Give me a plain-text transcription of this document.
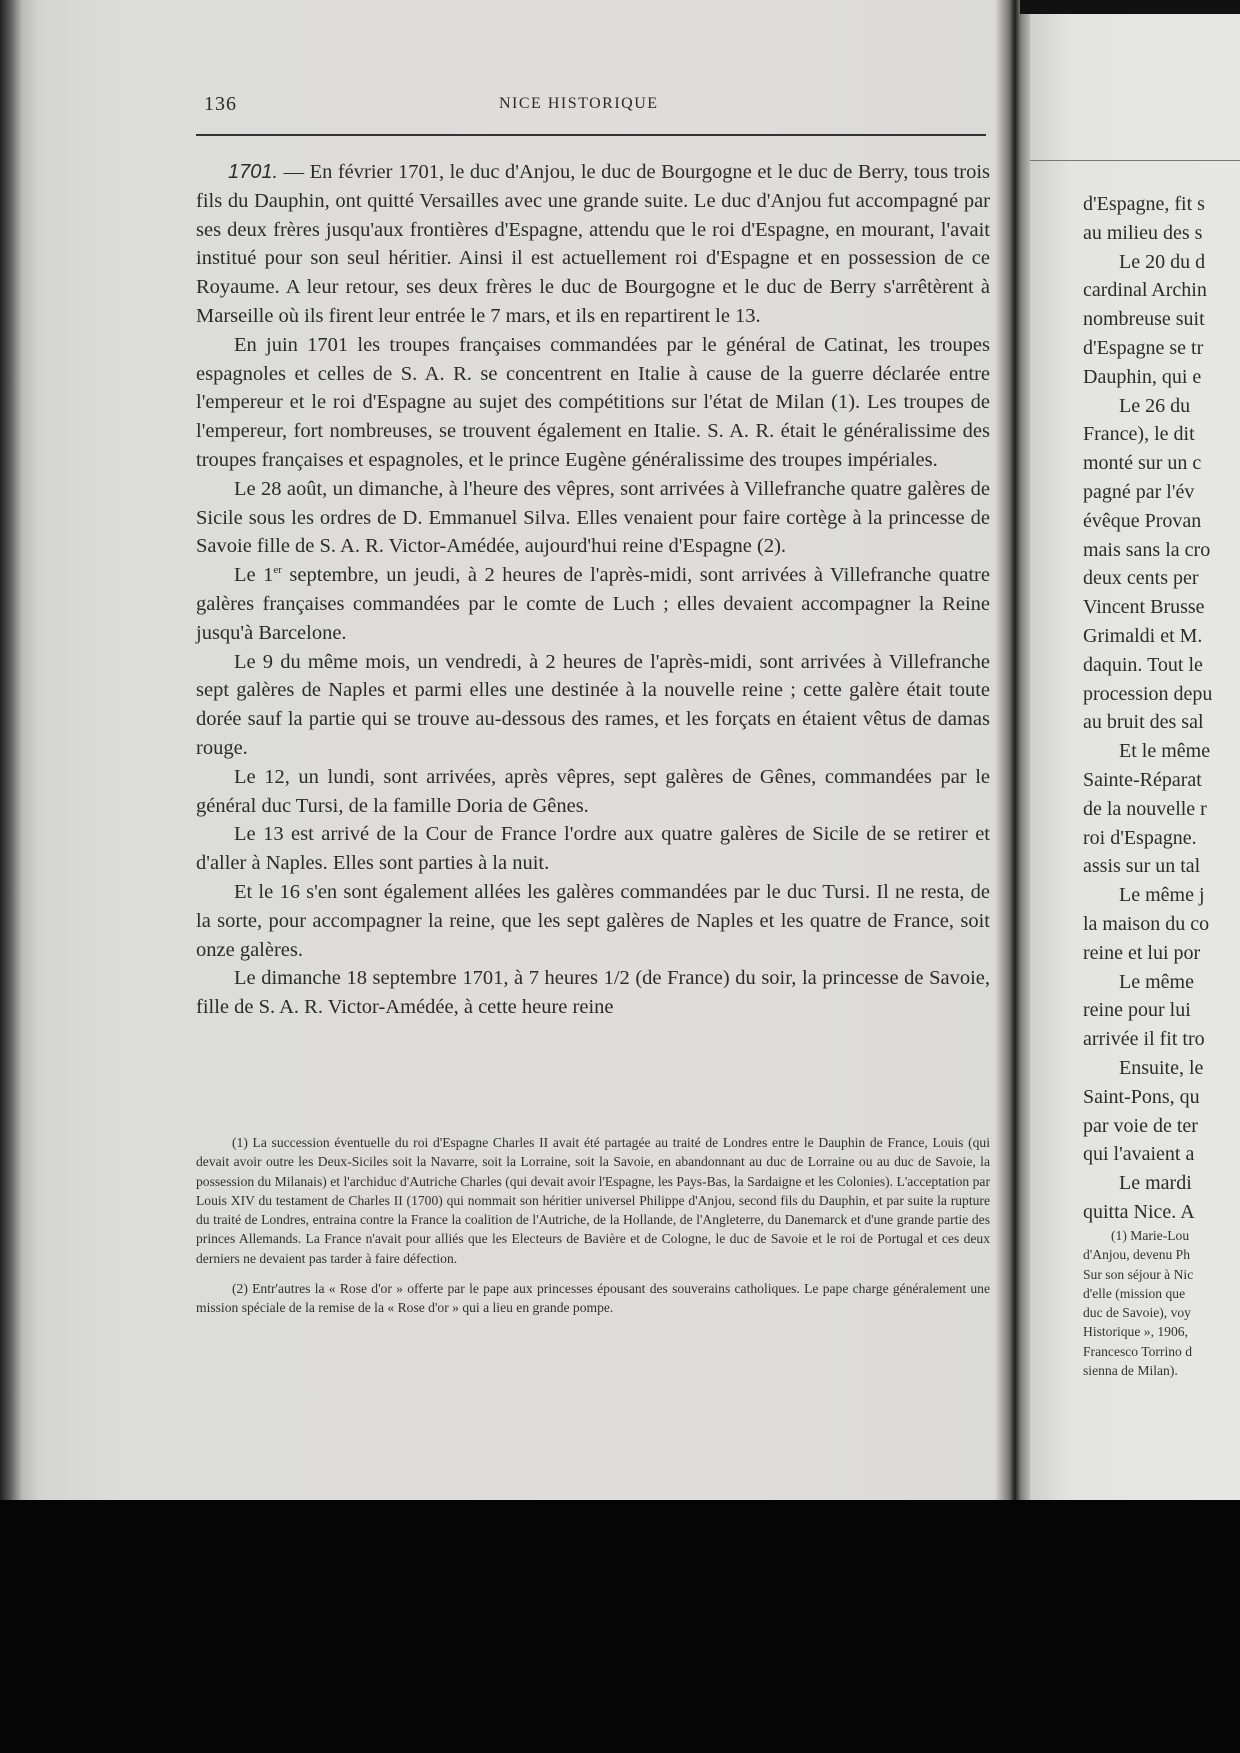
136	NICE HISTORIQUE

1701. — En février 1701, le duc d'Anjou, le duc de Bourgogne et le duc de Berry, tous trois fils du Dauphin, ont quitté Versailles avec une grande suite. Le duc d'Anjou fut accompagné par ses deux frères jusqu'aux frontières d'Espagne, attendu que le roi d'Espagne, en mourant, l'avait institué pour son seul héritier. Ainsi il est actuellement roi d'Espagne et en possession de ce Royaume. A leur retour, ses deux frères le duc de Bourgogne et le duc de Berry s'arrêtèrent à Marseille où ils firent leur entrée le 7 mars, et ils en repartirent le 13.

En juin 1701 les troupes françaises commandées par le général de Catinat, les troupes espagnoles et celles de S. A. R. se concentrent en Italie à cause de la guerre déclarée entre l'empereur et le roi d'Espagne au sujet des compétitions sur l'état de Milan (1). Les troupes de l'empereur, fort nombreuses, se trouvent également en Italie. S. A. R. était le généralissime des troupes françaises et espagnoles, et le prince Eugène généralissime des troupes impériales.

Le 28 août, un dimanche, à l'heure des vêpres, sont arrivées à Villefranche quatre galères de Sicile sous les ordres de D. Emmanuel Silva. Elles venaient pour faire cortège à la princesse de Savoie fille de S. A. R. Victor-Amédée, aujourd'hui reine d'Espagne (2).

Le 1er septembre, un jeudi, à 2 heures de l'après-midi, sont arrivées à Villefranche quatre galères françaises commandées par le comte de Luch ; elles devaient accompagner la Reine jusqu'à Barcelone.

Le 9 du même mois, un vendredi, à 2 heures de l'après-midi, sont arrivées à Villefranche sept galères de Naples et parmi elles une destinée à la nouvelle reine ; cette galère était toute dorée sauf la partie qui se trouve au-dessous des rames, et les forçats en étaient vêtus de damas rouge.

Le 12, un lundi, sont arrivées, après vêpres, sept galères de Gênes, commandées par le général duc Tursi, de la famille Doria de Gênes.

Le 13 est arrivé de la Cour de France l'ordre aux quatre galères de Sicile de se retirer et d'aller à Naples. Elles sont parties à la nuit.

Et le 16 s'en sont également allées les galères commandées par le duc Tursi. Il ne resta, de la sorte, pour accompagner la reine, que les sept galères de Naples et les quatre de France, soit onze galères.

Le dimanche 18 septembre 1701, à 7 heures 1/2 (de France) du soir, la princesse de Savoie, fille de S. A. R. Victor-Amédée, à cette heure reine

(1) La succession éventuelle du roi d'Espagne Charles II avait été partagée au traité de Londres entre le Dauphin de France, Louis (qui devait avoir outre les Deux-Siciles soit la Navarre, soit la Lorraine, soit la Savoie, en abandonnant au duc de Lorraine ou au duc de Savoie, la possession du Milanais) et l'archiduc d'Autriche Charles (qui devait avoir l'Espagne, les Pays-Bas, la Sardaigne et les Colonies). L'acceptation par Louis XIV du testament de Charles II (1700) qui nommait son héritier universel Philippe d'Anjou, second fils du Dauphin, et par suite la rupture du traité de Londres, entraina contre la France la coalition de l'Autriche, de la Hollande, de l'Angleterre, du Danemarck et d'une grande partie des princes Allemands. La France n'avait pour alliés que les Electeurs de Bavière et de Cologne, le duc de Savoie et le roi de Portugal et ces deux derniers ne devaient pas tarder à faire défection.

(2) Entr'autres la « Rose d'or » offerte par le pape aux princesses épousant des souverains catholiques. Le pape charge généralement une mission spéciale de la remise de la « Rose d'or » qui a lieu en grande pompe.

d'Espagne, fit s
au milieu des s
Le 20 du d
cardinal Archin
nombreuse suit
d'Espagne se tr
Dauphin, qui e
Le 26 du
France), le dit
monté sur un c
pagné par l'év
évêque Provan
mais sans la cro
deux cents per
Vincent Brusse
Grimaldi et M.
daquin. Tout le
procession depu
au bruit des sal
Et le même
Sainte-Réparat
de la nouvelle r
roi d'Espagne.
assis sur un tal
Le même j
la maison du co
reine et lui por
Le même
reine pour lui
arrivée il fit tro
Ensuite, le
Saint-Pons, qu
par voie de ter
qui l'avaient a
Le mardi
quitta Nice. A
(1) Marie-Lou
d'Anjou, devenu Ph
Sur son séjour à Nic
d'elle (mission que
duc de Savoie), voy
Historique », 1906,
Francesco Torrino d
sienna de Milan).
